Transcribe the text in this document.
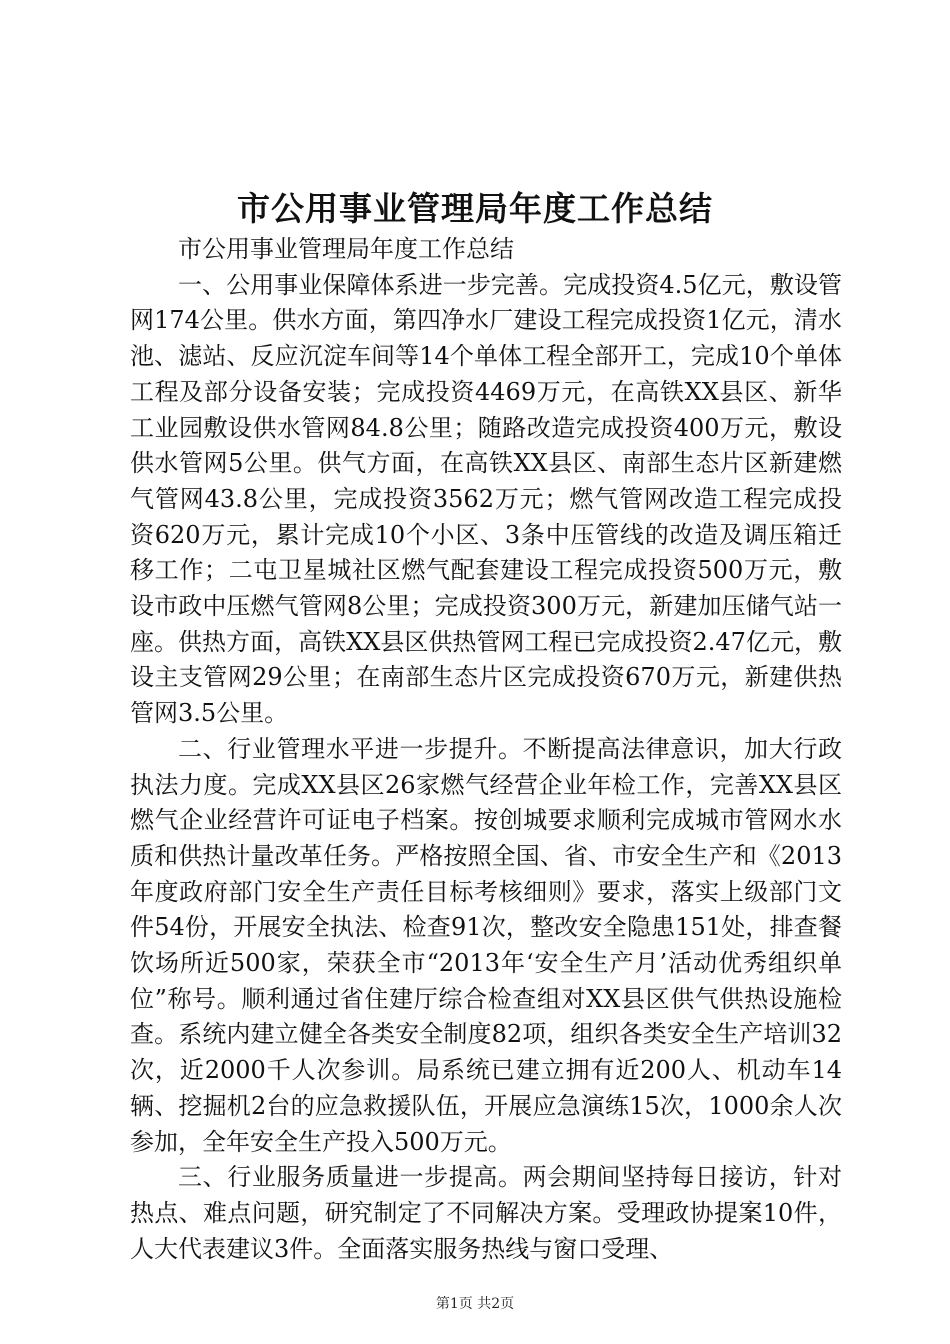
市公用事业管理局年度工作总结

市公用事业管理局年度工作总结

一、公用事业保障体系进一步完善。完成投资4.5亿元，敷设管网174公里。供水方面，第四净水厂建设工程完成投资1亿元，清水池、滤站、反应沉淀车间等14个单体工程全部开工，完成10个单体工程及部分设备安装；完成投资4469万元，在高铁XX县区、新华工业园敷设供水管网84.8公里；随路改造完成投资400万元，敷设供水管网5公里。供气方面，在高铁XX县区、南部生态片区新建燃气管网43.8公里，完成投资3562万元；燃气管网改造工程完成投资620万元，累计完成10个小区、3条中压管线的改造及调压箱迁移工作；二屯卫星城社区燃气配套建设工程完成投资500万元，敷设市政中压燃气管网8公里；完成投资300万元，新建加压储气站一座。供热方面，高铁XX县区供热管网工程已完成投资2.47亿元，敷设主支管网29公里；在南部生态片区完成投资670万元，新建供热管网3.5公里。

二、行业管理水平进一步提升。不断提高法律意识，加大行政执法力度。完成XX县区26家燃气经营企业年检工作，完善XX县区燃气企业经营许可证电子档案。按创城要求顺利完成城市管网水水质和供热计量改革任务。严格按照全国、省、市安全生产和《2013年度政府部门安全生产责任目标考核细则》要求，落实上级部门文件54份，开展安全执法、检查91次，整改安全隐患151处，排查餐饮场所近500家，荣获全市“2013年‘安全生产月’活动优秀组织单位”称号。顺利通过省住建厅综合检查组对XX县区供气供热设施检查。系统内建立健全各类安全制度82项，组织各类安全生产培训32次，近2000千人次参训。局系统已建立拥有近200人、机动车14辆、挖掘机2台的应急救援队伍，开展应急演练15次，1000余人次参加，全年安全生产投入500万元。

三、行业服务质量进一步提高。两会期间坚持每日接访，针对热点、难点问题，研究制定了不同解决方案。受理政协提案10件，人大代表建议3件。全面落实服务热线与窗口受理、

第1页 共2页
